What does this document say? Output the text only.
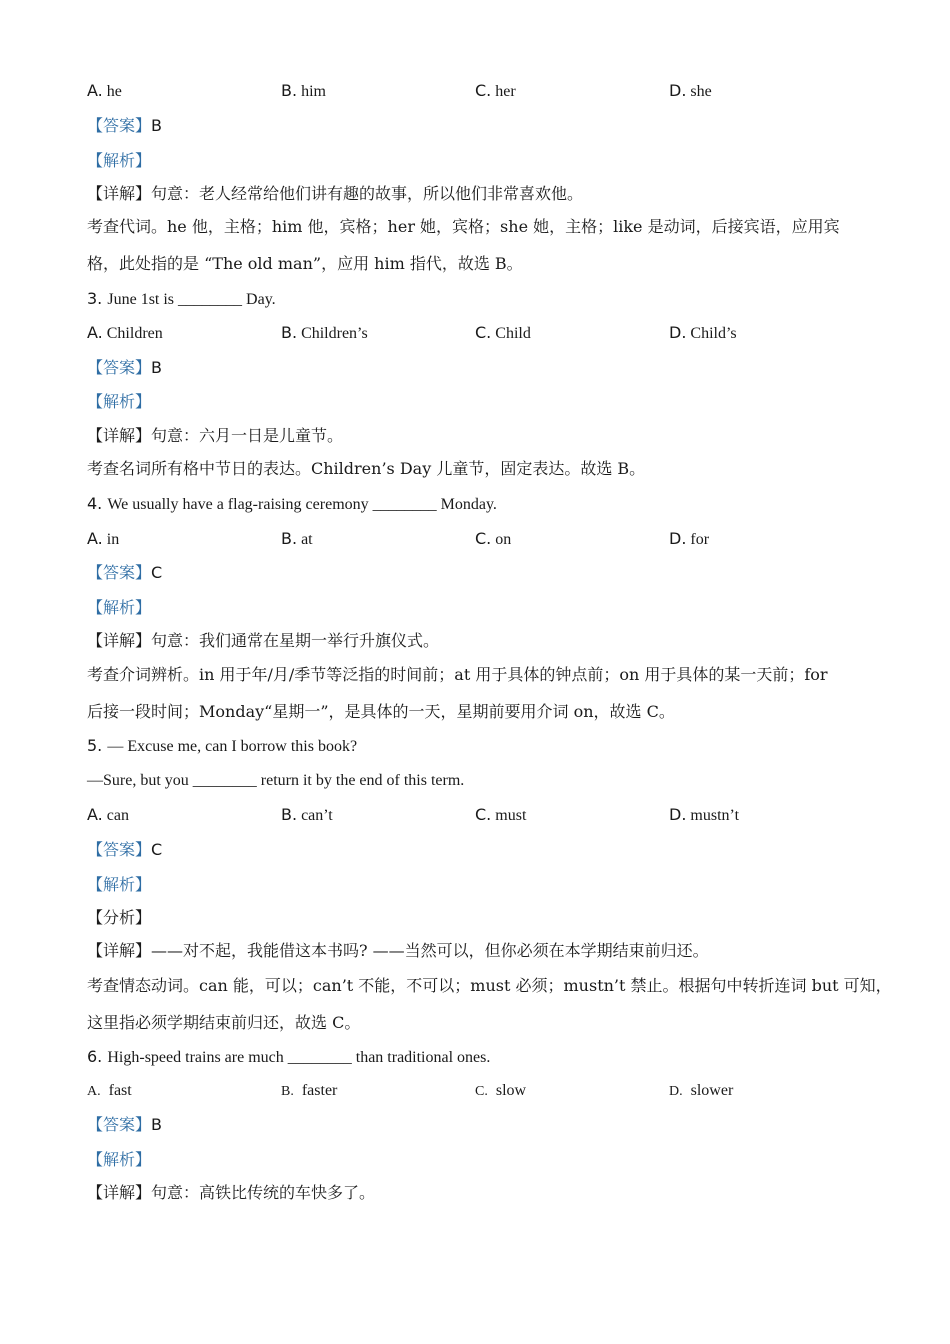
A. he	B. him	C. her	D. she
【答案】B
【解析】
【详解】句意：老人经常给他们讲有趣的故事，所以他们非常喜欢他。
考查代词。he 他，主格；him 他，宾格；her 她，宾格；she 她，主格；like 是动词，后接宾语，应用宾
格，此处指的是 “The old man”，应用 him 指代，故选 B。
3. June 1st is ________ Day.
A. Children	B. Children’s	C. Child	D. Child’s
【答案】B
【解析】
【详解】句意：六月一日是儿童节。
考查名词所有格中节日的表达。Children’s Day 儿童节，固定表达。故选 B。
4. We usually have a flag-raising ceremony ________ Monday.
A. in	B. at	C. on	D. for
【答案】C
【解析】
【详解】句意：我们通常在星期一举行升旗仪式。
考查介词辨析。in 用于年/月/季节等泛指的时间前；at 用于具体的钟点前；on 用于具体的某一天前；for
后接一段时间；Monday“星期一”，是具体的一天，星期前要用介词 on，故选 C。
5. — Excuse me, can I borrow this book?
—Sure, but you ________ return it by the end of this term.
A. can	B. can’t	C. must	D. mustn’t
【答案】C
【解析】
【分析】
【详解】——对不起，我能借这本书吗? ——当然可以，但你必须在本学期结束前归还。
考查情态动词。can 能，可以；can’t 不能，不可以；must 必须；mustn’t 禁止。根据句中转折连词 but 可知，
这里指必须学期结束前归还，故选 C。
6. High-speed trains are much ________ than traditional ones.
A. fast	B. faster	C. slow	D. slower
【答案】B
【解析】
【详解】句意：高铁比传统的车快多了。
